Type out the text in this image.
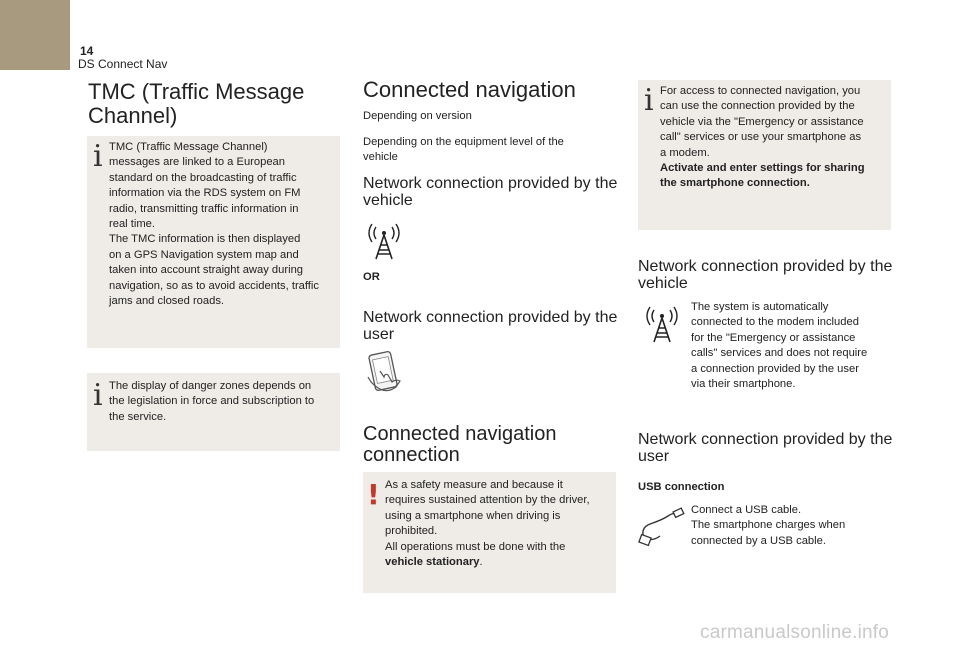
14
DS Connect Nav
TMC (Traffic Message Channel)
i TMC (Traffic Message Channel)
messages are linked to a European
standard on the broadcasting of traffic
information via the RDS system on FM
radio, transmitting traffic information in
real time.
The TMC information is then displayed
on a GPS Navigation system map and
taken into account straight away during
navigation, so as to avoid accidents, traffic
jams and closed roads.
i The display of danger zones depends on
the legislation in force and subscription to
the service.
Connected navigation
Depending on version
Depending on the equipment level of the
vehicle
Network connection provided by the
vehicle
OR
Network connection provided by the
user
Connected navigation
connection
! As a safety measure and because it
requires sustained attention by the driver,
using a smartphone when driving is
prohibited.
All operations must be done with the
vehicle stationary.
i For access to connected navigation, you
can use the connection provided by the
vehicle via the "Emergency or assistance
call" services or use your smartphone as
a modem.
Activate and enter settings for sharing
the smartphone connection.
Network connection provided by the
vehicle
The system is automatically
connected to the modem included
for the "Emergency or assistance
calls" services and does not require
a connection provided by the user
via their smartphone.
Network connection provided by the
user
USB connection
Connect a USB cable.
The smartphone charges when
connected by a USB cable.
carmanualsonline.info
